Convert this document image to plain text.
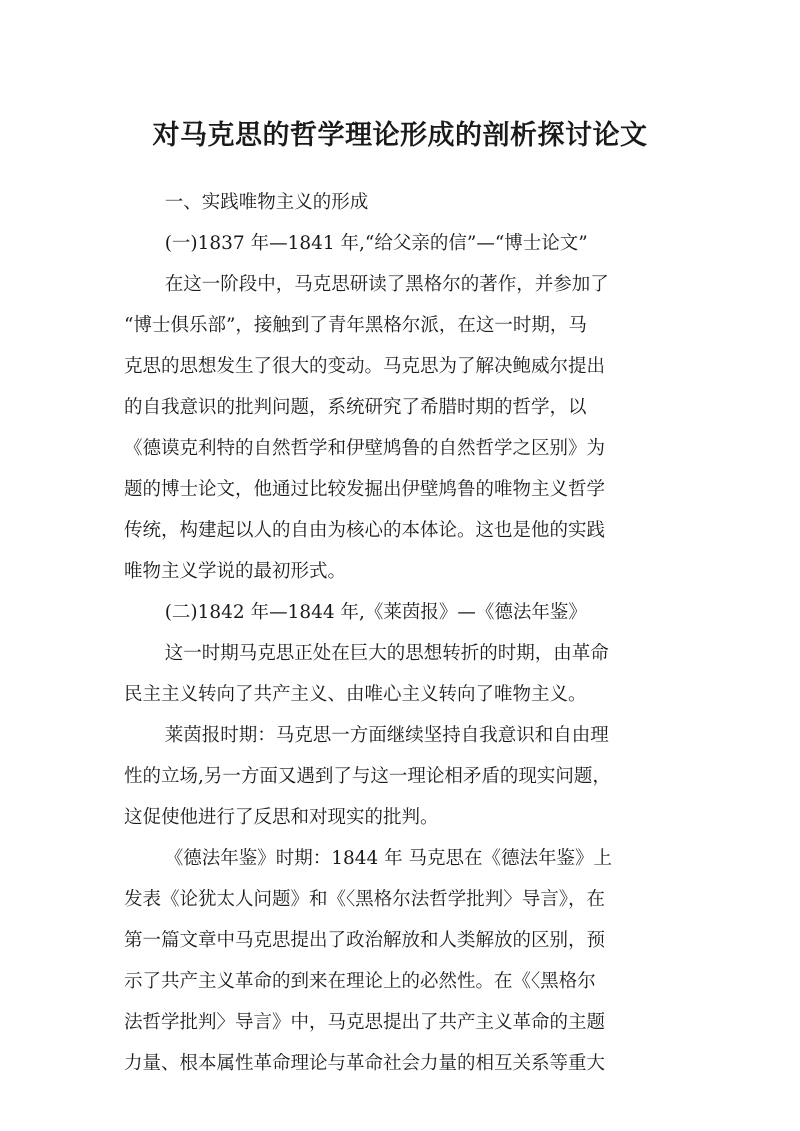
对马克思的哲学理论形成的剖析探讨论文

一、实践唯物主义的形成

(一)1837 年—1841 年,“给父亲的信”—“博士论文”

在这一阶段中，马克思研读了黑格尔的著作，并参加了
“博士俱乐部”，接触到了青年黑格尔派，在这一时期，马
克思的思想发生了很大的变动。马克思为了解决鲍威尔提出
的自我意识的批判问题，系统研究了希腊时期的哲学，以
《德谟克利特的自然哲学和伊壁鸠鲁的自然哲学之区别》为
题的博士论文，他通过比较发掘出伊壁鸠鲁的唯物主义哲学
传统，构建起以人的自由为核心的本体论。这也是他的实践
唯物主义学说的最初形式。

(二)1842 年—1844 年,《莱茵报》—《德法年鉴》

这一时期马克思正处在巨大的思想转折的时期，由革命
民主主义转向了共产主义、由唯心主义转向了唯物主义。

莱茵报时期：马克思一方面继续坚持自我意识和自由理
性的立场,另一方面又遇到了与这一理论相矛盾的现实问题，
这促使他进行了反思和对现实的批判。

《德法年鉴》时期：1844 年 马克思在《德法年鉴》上
发表《论犹太人问题》和《〈黑格尔法哲学批判〉导言》，在
第一篇文章中马克思提出了政治解放和人类解放的区别，预
示了共产主义革命的到来在理论上的必然性。在《〈黑格尔
法哲学批判〉导言》中，马克思提出了共产主义革命的主题
力量、根本属性革命理论与革命社会力量的相互关系等重大
